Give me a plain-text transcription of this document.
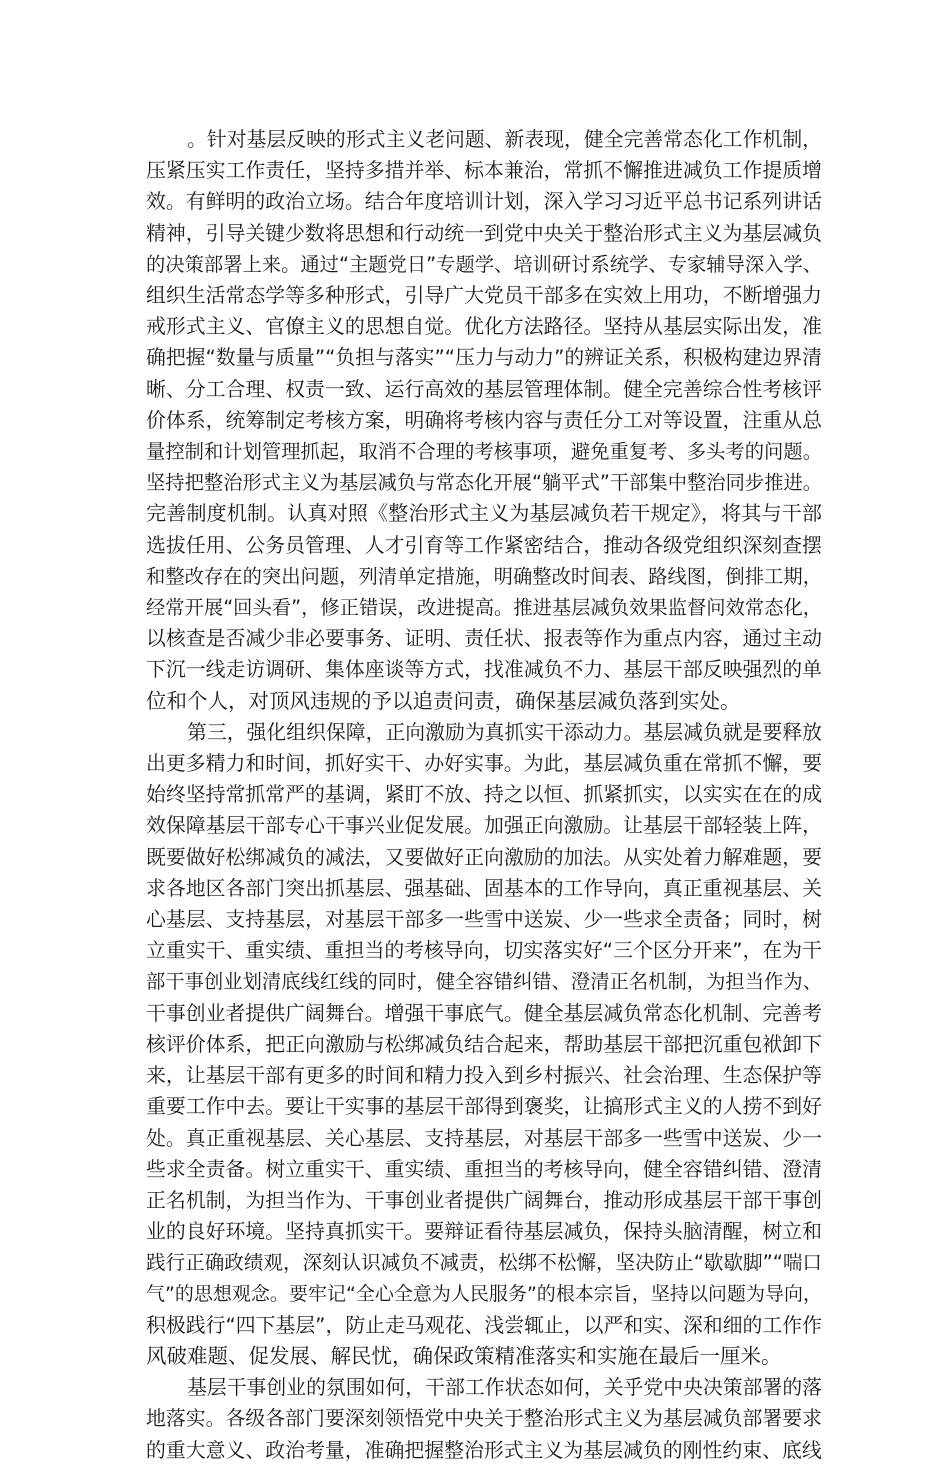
。针对基层反映的形式主义老问题、新表现，健全完善常态化工作机制，
压紧压实工作责任，坚持多措并举、标本兼治，常抓不懈推进减负工作提质增
效。有鲜明的政治立场。结合年度培训计划，深入学习习近平总书记系列讲话
精神，引导关键少数将思想和行动统一到党中央关于整治形式主义为基层减负
的决策部署上来。通过“主题党日”专题学、培训研讨系统学、专家辅导深入学、
组织生活常态学等多种形式，引导广大党员干部多在实效上用功，不断增强力
戒形式主义、官僚主义的思想自觉。优化方法路径。坚持从基层实际出发，准
确把握“数量与质量”“负担与落实”“压力与动力”的辨证关系，积极构建边界清
晰、分工合理、权责一致、运行高效的基层管理体制。健全完善综合性考核评
价体系，统筹制定考核方案，明确将考核内容与责任分工对等设置，注重从总
量控制和计划管理抓起，取消不合理的考核事项，避免重复考、多头考的问题。
坚持把整治形式主义为基层减负与常态化开展“躺平式”干部集中整治同步推进。
完善制度机制。认真对照《整治形式主义为基层减负若干规定》，将其与干部
选拔任用、公务员管理、人才引育等工作紧密结合，推动各级党组织深刻查摆
和整改存在的突出问题，列清单定措施，明确整改时间表、路线图，倒排工期，
经常开展“回头看”，修正错误，改进提高。推进基层减负效果监督问效常态化，
以核查是否减少非必要事务、证明、责任状、报表等作为重点内容，通过主动
下沉一线走访调研、集体座谈等方式，找准减负不力、基层干部反映强烈的单
位和个人，对顶风违规的予以追责问责，确保基层减负落到实处。
第三，强化组织保障，正向激励为真抓实干添动力。基层减负就是要释放
出更多精力和时间，抓好实干、办好实事。为此，基层减负重在常抓不懈，要
始终坚持常抓常严的基调，紧盯不放、持之以恒、抓紧抓实，以实实在在的成
效保障基层干部专心干事兴业促发展。加强正向激励。让基层干部轻装上阵，
既要做好松绑减负的减法，又要做好正向激励的加法。从实处着力解难题，要
求各地区各部门突出抓基层、强基础、固基本的工作导向，真正重视基层、关
心基层、支持基层，对基层干部多一些雪中送炭、少一些求全责备；同时，树
立重实干、重实绩、重担当的考核导向，切实落实好“三个区分开来”，在为干
部干事创业划清底线红线的同时，健全容错纠错、澄清正名机制，为担当作为、
干事创业者提供广阔舞台。增强干事底气。健全基层减负常态化机制、完善考
核评价体系，把正向激励与松绑减负结合起来，帮助基层干部把沉重包袱卸下
来，让基层干部有更多的时间和精力投入到乡村振兴、社会治理、生态保护等
重要工作中去。要让干实事的基层干部得到褒奖，让搞形式主义的人捞不到好
处。真正重视基层、关心基层、支持基层，对基层干部多一些雪中送炭、少一
些求全责备。树立重实干、重实绩、重担当的考核导向，健全容错纠错、澄清
正名机制，为担当作为、干事创业者提供广阔舞台，推动形成基层干部干事创
业的良好环境。坚持真抓实干。要辩证看待基层减负，保持头脑清醒，树立和
践行正确政绩观，深刻认识减负不减责，松绑不松懈，坚决防止“歇歇脚”“喘口
气”的思想观念。要牢记“全心全意为人民服务”的根本宗旨，坚持以问题为导向，
积极践行“四下基层”，防止走马观花、浅尝辄止，以严和实、深和细的工作作
风破难题、促发展、解民忧，确保政策精准落实和实施在最后一厘米。
基层干事创业的氛围如何，干部工作状态如何，关乎党中央决策部署的落
地落实。各级各部门要深刻领悟党中央关于整治形式主义为基层减负部署要求
的重大意义、政治考量，准确把握整治形式主义为基层减负的刚性约束、底线
